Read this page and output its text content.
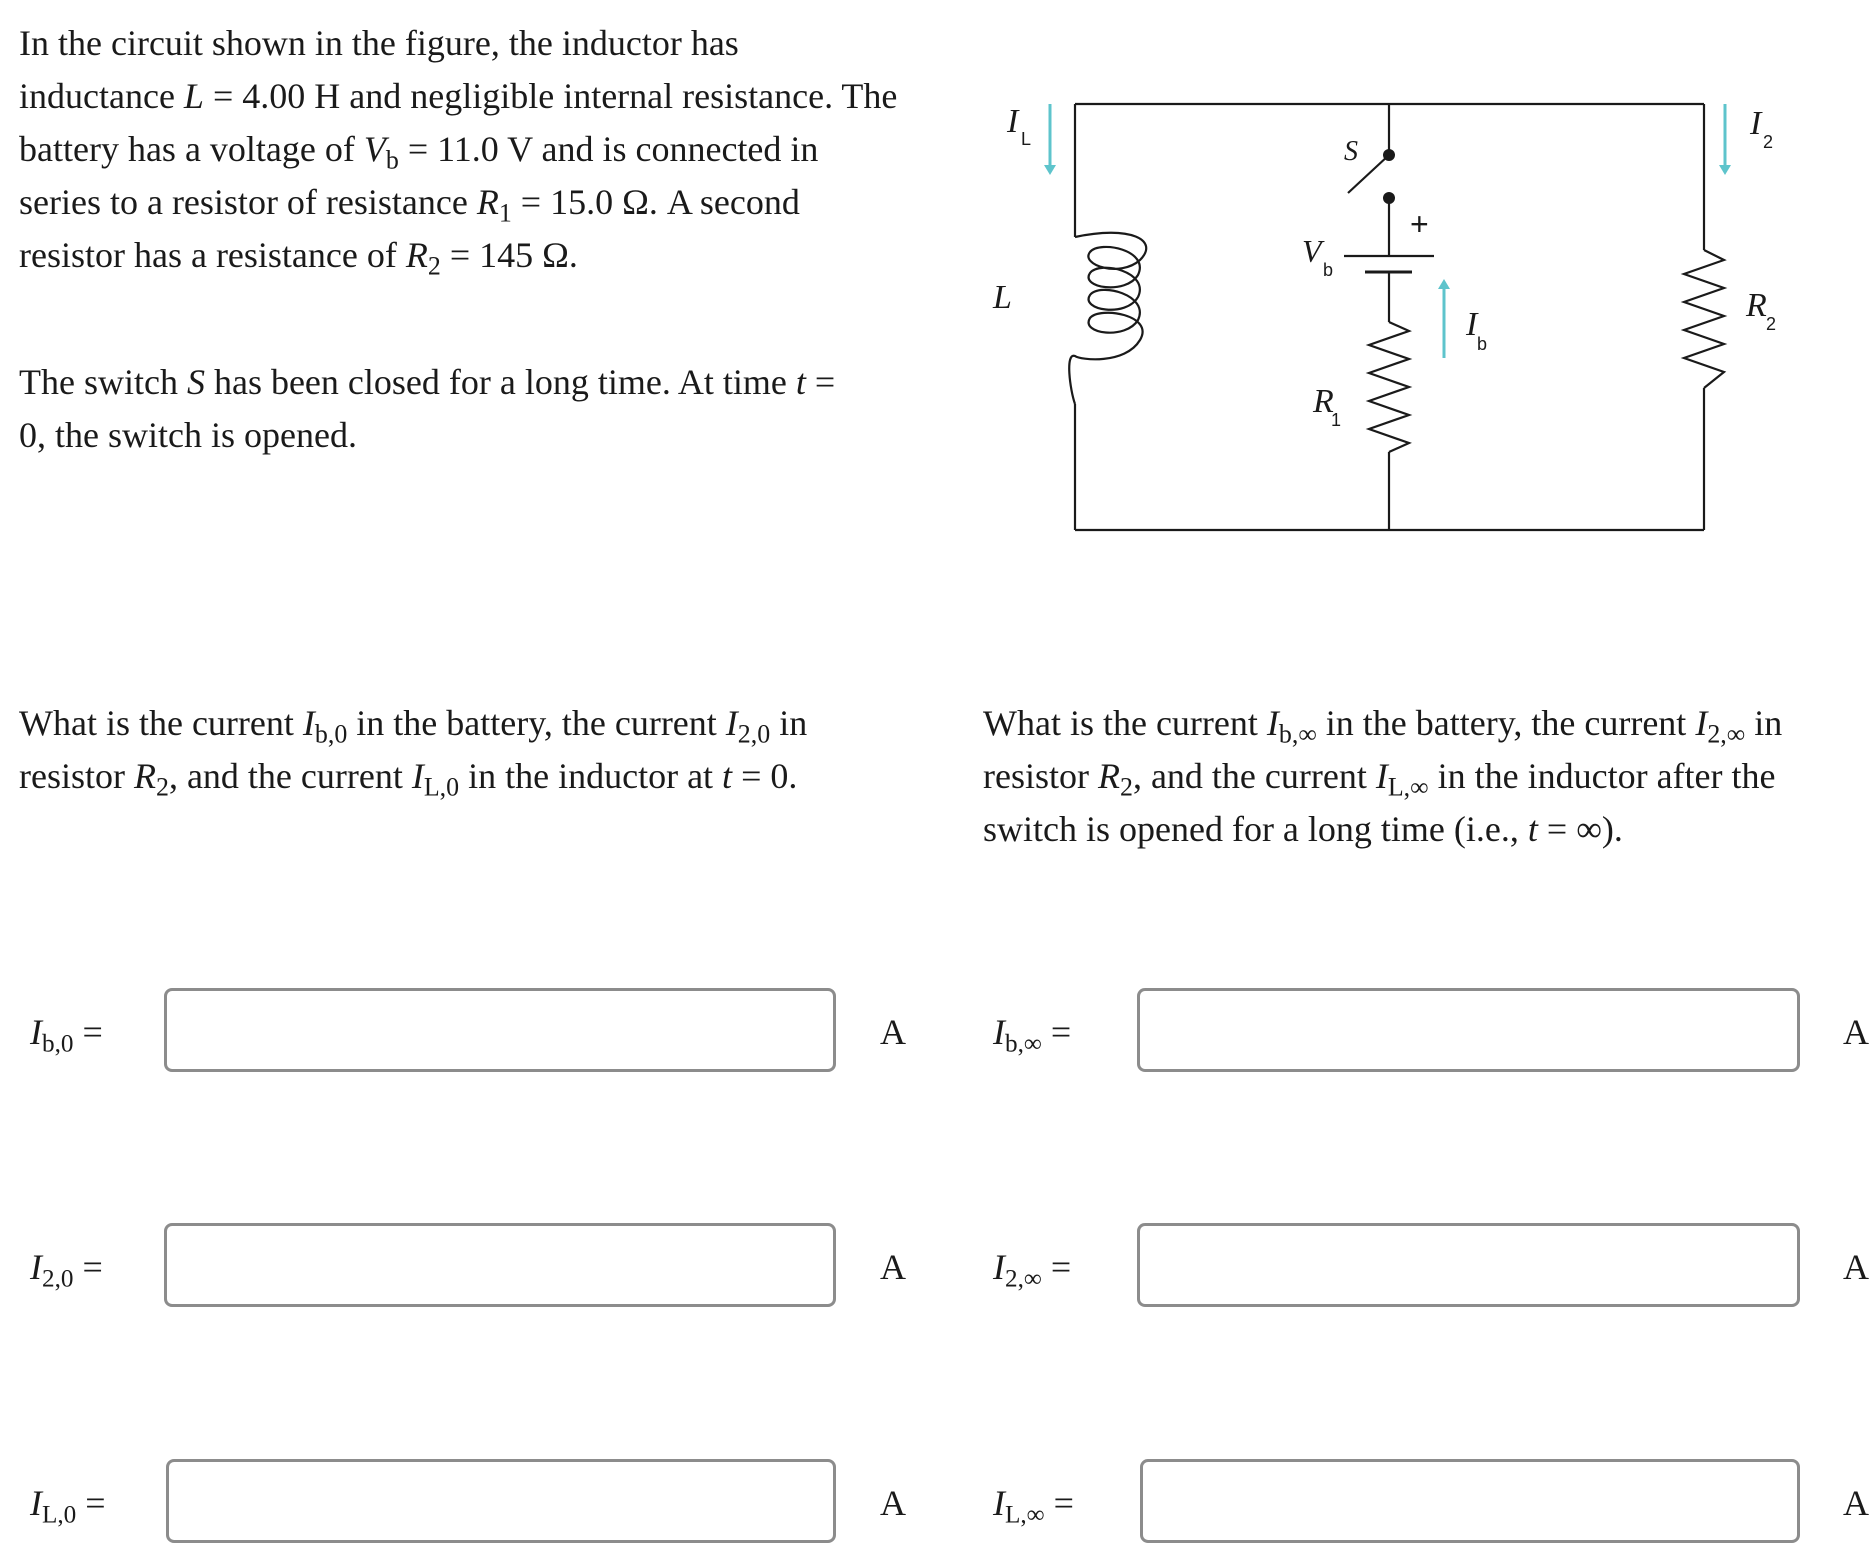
In the circuit shown in the figure, the inductor has inductance L = 4.00 H and negligible internal resistance. The battery has a voltage of $V_b = 11.0$ V and is connected in series to a resistor of resistance $R_1 = 15.0$ Ω. A second resistor has a resistance of $R_2 = 145$ Ω.

The switch S has been closed for a long time. At time t = 0, the switch is opened.

I L	S
I 2
+
V
b
L
I
b
R 2
R
1

What is the current $I_{b,0}$ in the battery, the current $I_{2,0}$ in resistor $R_2$, and the current $I_{L,0}$ in the inductor at t = 0.

What is the current $I_{b,\infty}$ in the battery, the current $I_{2,\infty}$ in resistor $R_2$, and the current $I_{L,\infty}$ in the inductor after the switch is opened for a long time (i.e., t = ∞).

$I_{b,0}$ =	A
$I_{2,0}$ =	A
$I_{L,0}$ =	A
$I_{b,\infty}$ =	A
$I_{2,\infty}$ =	A
$I_{L,\infty}$ =	A
